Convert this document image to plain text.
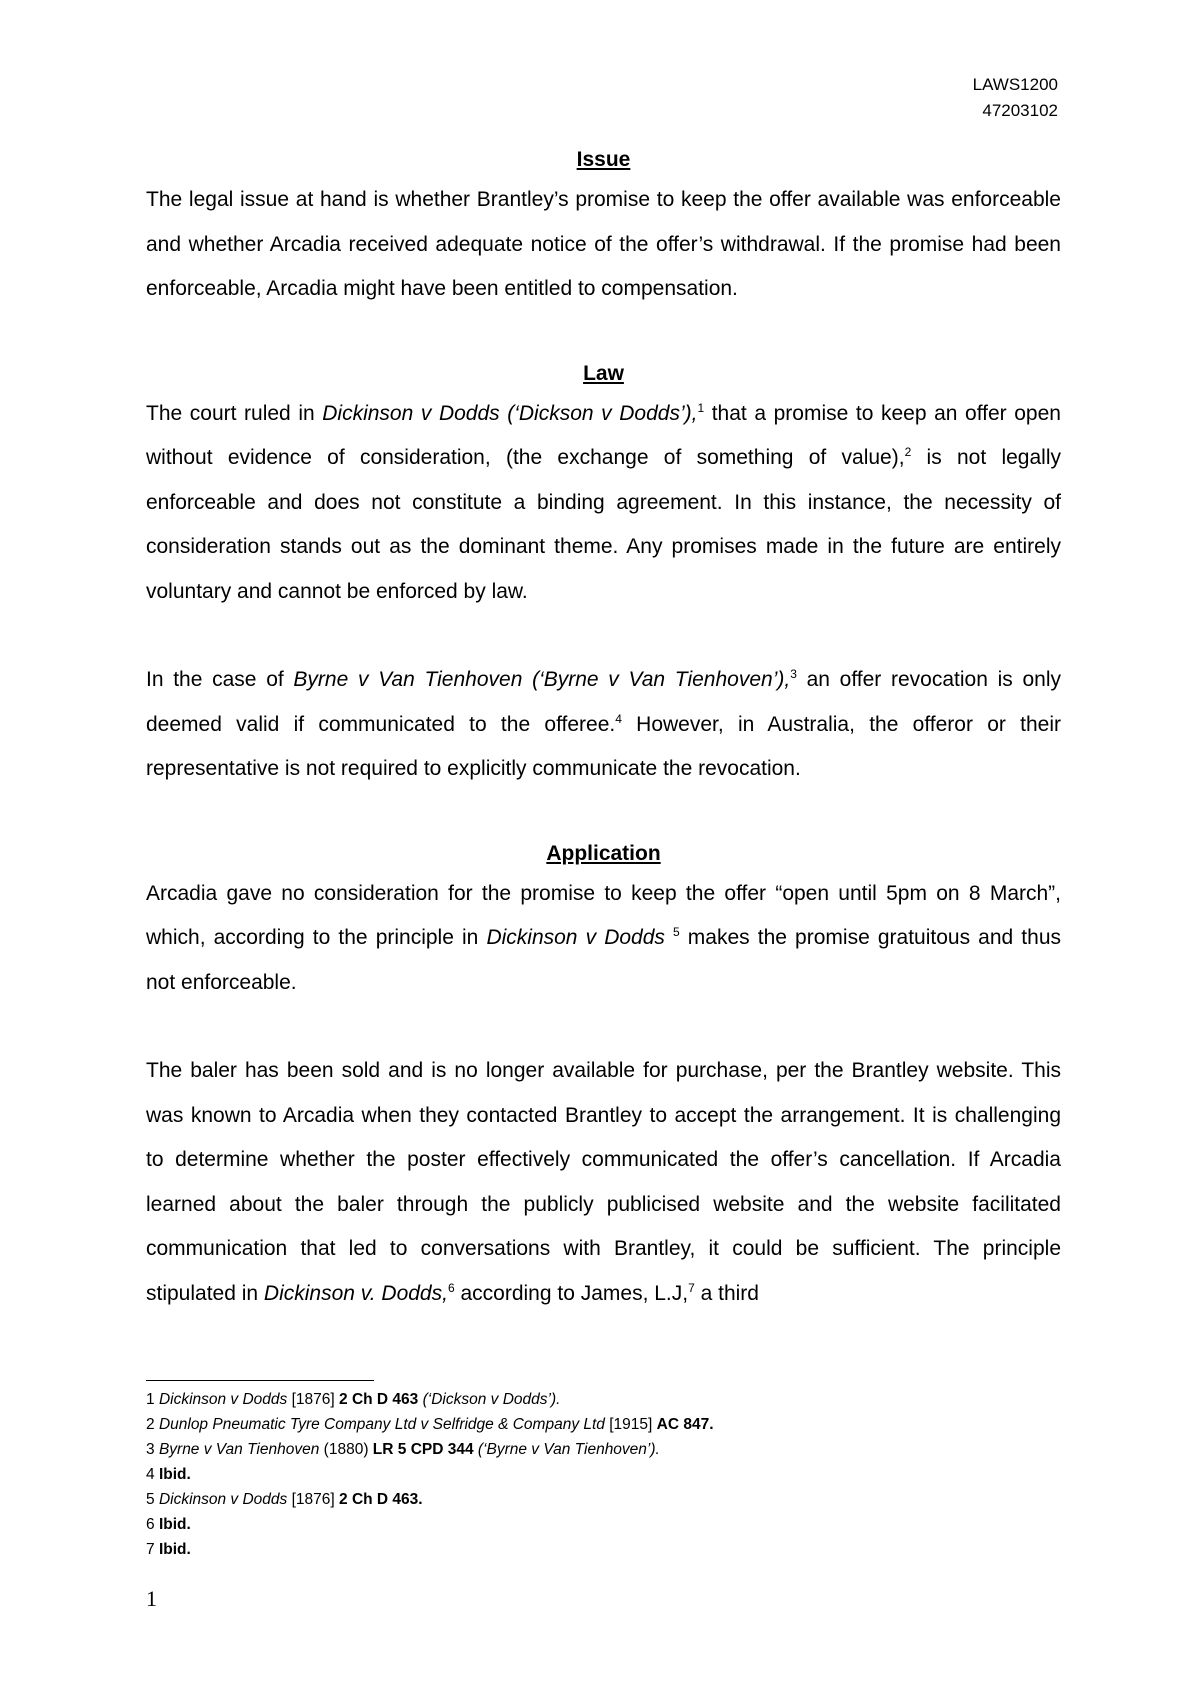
LAWS1200
47203102
Issue

The legal issue at hand is whether Brantley’s promise to keep the offer available was enforceable and whether Arcadia received adequate notice of the offer’s withdrawal. If the promise had been enforceable, Arcadia might have been entitled to compensation.

Law

The court ruled in Dickinson v Dodds (‘Dickson v Dodds’),$^1$ that a promise to keep an offer open without evidence of consideration, (the exchange of something of value),$^2$ is not legally enforceable and does not constitute a binding agreement. In this instance, the necessity of consideration stands out as the dominant theme. Any promises made in the future are entirely voluntary and cannot be enforced by law.

In the case of Byrne v Van Tienhoven (‘Byrne v Van Tienhoven’),$^3$ an offer revocation is only deemed valid if communicated to the offeree.$^4$ However, in Australia, the offeror or their representative is not required to explicitly communicate the revocation.

Application

Arcadia gave no consideration for the promise to keep the offer “open until 5pm on 8 March”, which, according to the principle in Dickinson v Dodds $^5$ makes the promise gratuitous and thus not enforceable.

The baler has been sold and is no longer available for purchase, per the Brantley website. This was known to Arcadia when they contacted Brantley to accept the arrangement. It is challenging to determine whether the poster effectively communicated the offer’s cancellation. If Arcadia learned about the baler through the publicly publicised website and the website facilitated communication that led to conversations with Brantley, it could be sufficient. The principle stipulated in Dickinson v. Dodds,$^6$ according to James, L.J,$^7$ a third

1 Dickinson v Dodds [1876] 2 Ch D 463 (‘Dickson v Dodds’).
2 Dunlop Pneumatic Tyre Company Ltd v Selfridge & Company Ltd [1915] AC 847.
3 Byrne v Van Tienhoven (1880) LR 5 CPD 344 (‘Byrne v Van Tienhoven’).
4 Ibid.
5 Dickinson v Dodds [1876] 2 Ch D 463.
6 Ibid.
7 Ibid.
1
